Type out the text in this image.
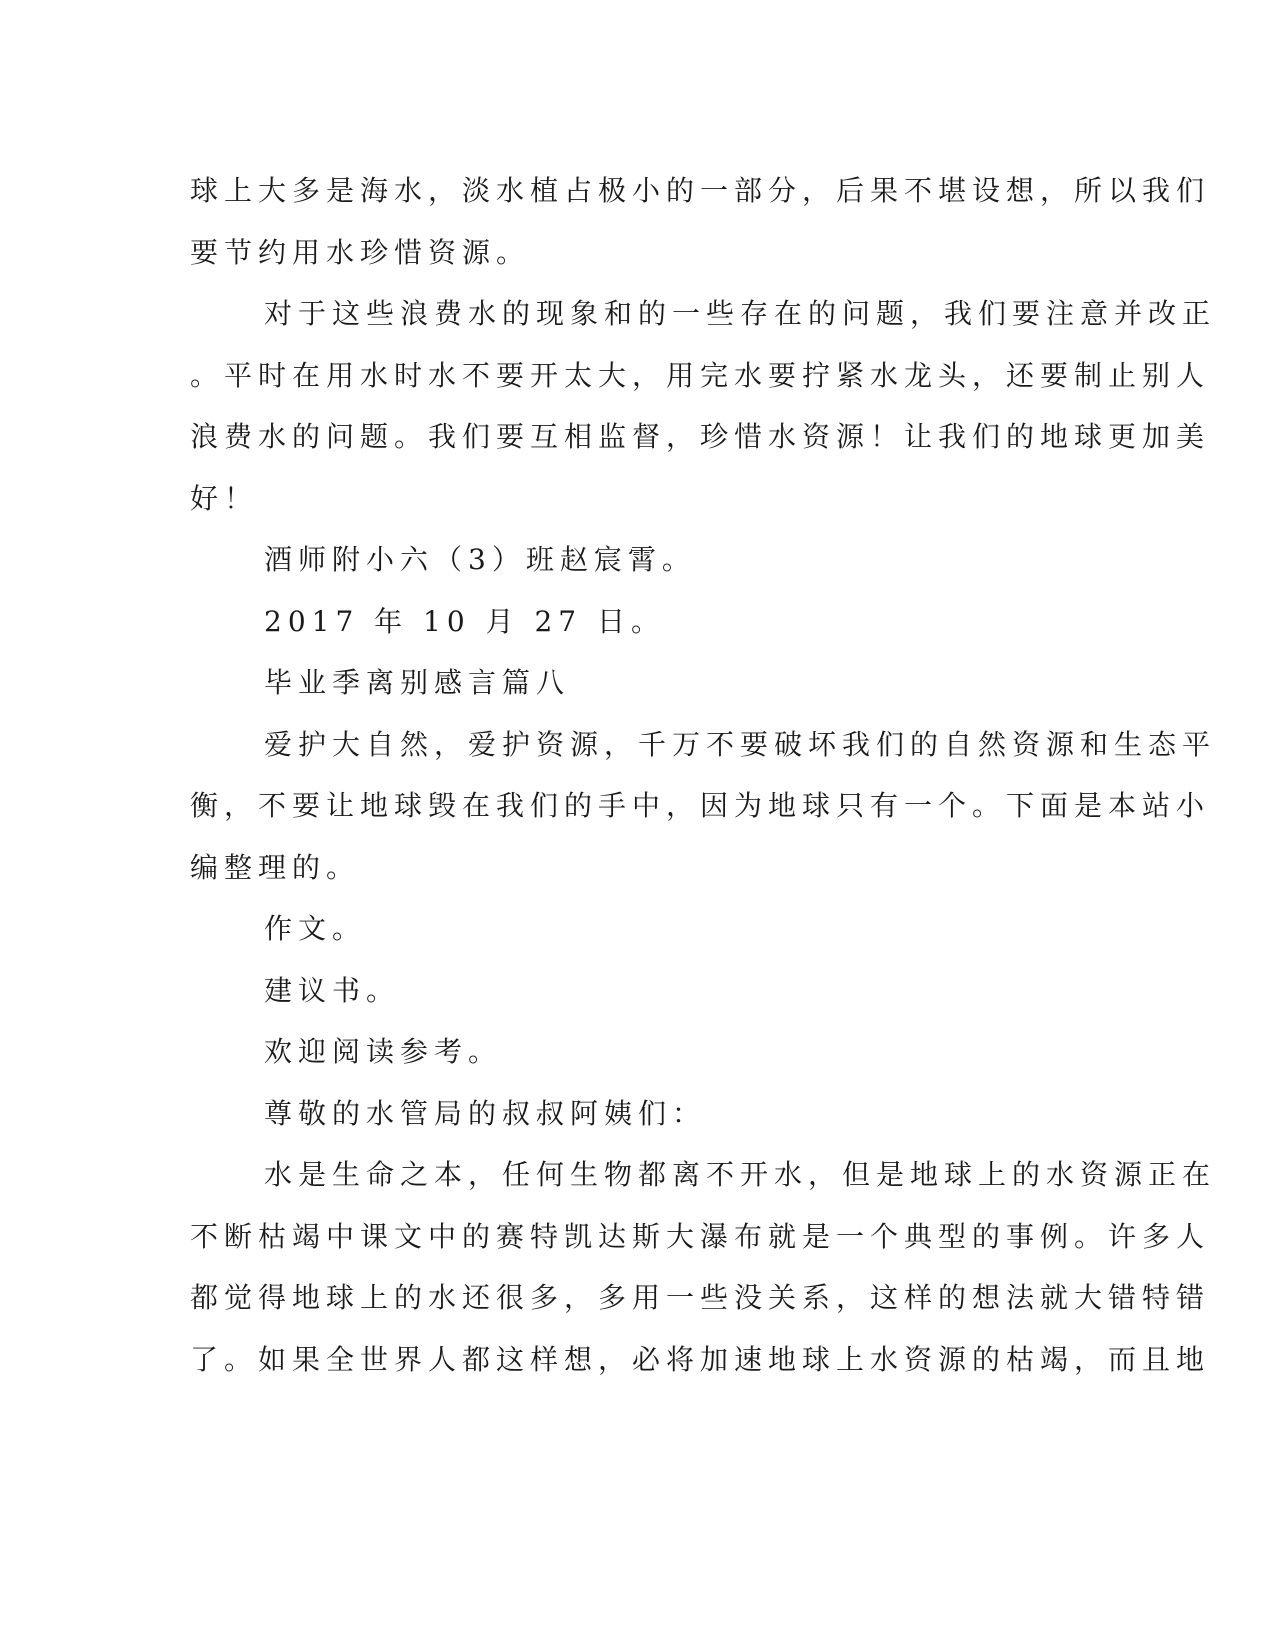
球上大多是海水，淡水植占极小的一部分，后果不堪设想，所以我们
要节约用水珍惜资源。
对于这些浪费水的现象和的一些存在的问题，我们要注意并改正
。平时在用水时水不要开太大，用完水要拧紧水龙头，还要制止别人
浪费水的问题。我们要互相监督，珍惜水资源！让我们的地球更加美
好！
酒师附小六（3）班赵宸霄。
2017 年 10 月 27 日。
毕业季离别感言篇八
爱护大自然，爱护资源，千万不要破坏我们的自然资源和生态平
衡，不要让地球毁在我们的手中，因为地球只有一个。下面是本站小
编整理的。
作文。
建议书。
欢迎阅读参考。
尊敬的水管局的叔叔阿姨们：
水是生命之本，任何生物都离不开水，但是地球上的水资源正在
不断枯竭中课文中的赛特凯达斯大瀑布就是一个典型的事例。许多人
都觉得地球上的水还很多，多用一些没关系，这样的想法就大错特错
了。如果全世界人都这样想，必将加速地球上水资源的枯竭，而且地
